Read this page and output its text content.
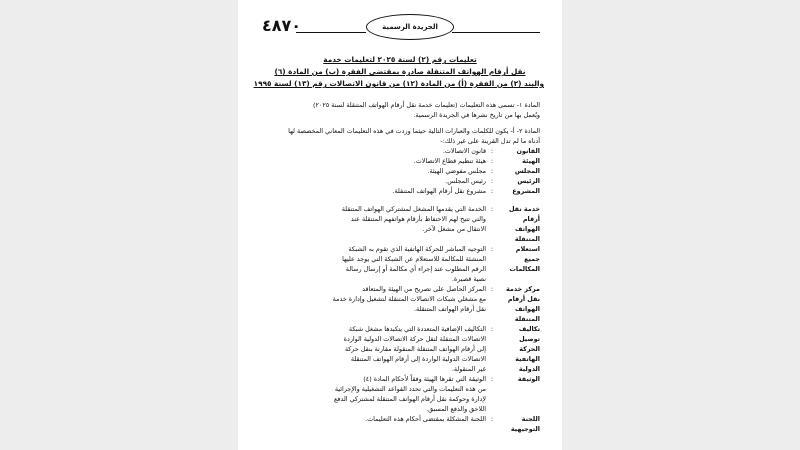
٤٨٧٠	الجريدة الرسمية
تعليمات رقم (٢) لسنة ٢٠٢٥ لتعليمات خدمة
نقل أرقام الهواتف المتنقلة صادرة بمقتضى الفقرة (ب) من المادة (٦)
والبند (٢) من الفقرة (أ) من المادة (١٢) من قانون الاتصالات رقم (١٣) لسنة ١٩٩٥
المادة ١- تسمى هذه التعليمات (تعليمات خدمة نقل أرقام الهواتف المتنقلة لسنة ٢٠٢٥)
ويُعمل بها من تاريخ نشرها في الجريدة الرسمية.
المادة ٢- أ- يكون للكلمات والعبارات التالية حيثما وردت في هذه التعليمات المعاني المخصصة لها
أدناه ما لم تدل القرينة على غير ذلك:-
القانون
:
قانون الاتصالات.
الهيئة
:
هيئة تنظيم قطاع الاتصالات.
المجلس
:
مجلس مفوضي الهيئة.
الرئيس
:
رئيس المجلس.
المشروع
:
مشروع نقل أرقام الهواتف المتنقلة.
خدمة نقل أرقام الهواتف المتنقلة
:
الخدمة التي يقدمها المشغل لمشتركي الهواتف المتنقلة
والتي تتيح لهم الاحتفاظ بأرقام هواتفهم المتنقلة عند
الانتقال من مشغل لآخر.
استعلام جميع المكالمات
:
التوجيه المباشر للحركة الهاتفية الذي تقوم به الشبكة
المنشئة للمكالمة للاستعلام عن الشبكة التي يوجد عليها
الرقم المطلوب عند إجراء أي مكالمة أو إرسال رسالة
نصية قصيرة.
مركز خدمة نقل أرقام الهواتف المتنقلة
:
المركز الحاصل على تصريح من الهيئة والمتعاقد
مع مشغلي شبكات الاتصالات المتنقلة لتشغيل وإدارة خدمة
نقل أرقام الهواتف المتنقلة.
تكاليف توصيل الحركة الهاتفية الدولية
:
التكاليف الإضافية المتعددة التي يتكبدها مشغل شبكة
الاتصالات المتنقلة لنقل حركة الاتصالات الدولية الواردة
إلى أرقام الهواتف المتنقلة المنقولة مقارنة بنقل حركة
الاتصالات الدولية الواردة إلى أرقام الهواتف المتنقلة
غير المنقولة.
الوثيقة
:
الوثيقة التي تقرها الهيئة وفقاً لأحكام المادة (٤)
من هذه التعليمات والتي تحدد القواعد التشغيلية والإجرائية
لإدارة وحوكمة نقل أرقام الهواتف المتنقلة لمشتركي الدفع
اللاحق والدفع المسبق.
اللجنة التوجيهية
:
اللجنة المشكلة بمقتضى أحكام هذه التعليمات.
